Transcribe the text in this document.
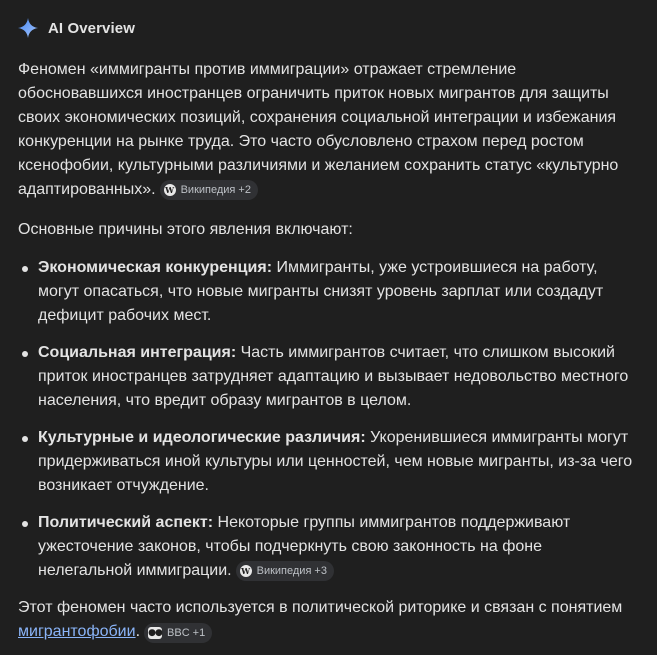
AI Overview

Феномен «иммигранты против иммиграции» отражает стремление обосновавшихся иностранцев ограничить приток новых мигрантов для защиты своих экономических позиций, сохранения социальной интеграции и избежания конкуренции на рынке труда. Это часто обусловлено страхом перед ростом ксенофобии, культурными различиями и желанием сохранить статус «культурно адаптированных». W Википедия +2

Основные причины этого явления включают:

Экономическая конкуренция: Иммигранты, уже устроившиеся на работу, могут опасаться, что новые мигранты снизят уровень зарплат или создадут дефицит рабочих мест.
Социальная интеграция: Часть иммигрантов считает, что слишком высокий приток иностранцев затрудняет адаптацию и вызывает недовольство местного населения, что вредит образу мигрантов в целом.
Культурные и идеологические различия: Укоренившиеся иммигранты могут придерживаться иной культуры или ценностей, чем новые мигранты, из-за чего возникает отчуждение.
Политический аспект: Некоторые группы иммигрантов поддерживают ужесточение законов, чтобы подчеркнуть свою законность на фоне нелегальной иммиграции. W Википедия +3

Этот феномен часто используется в политической риторике и связан с понятием мигрантофобии. ●● BBC +1
